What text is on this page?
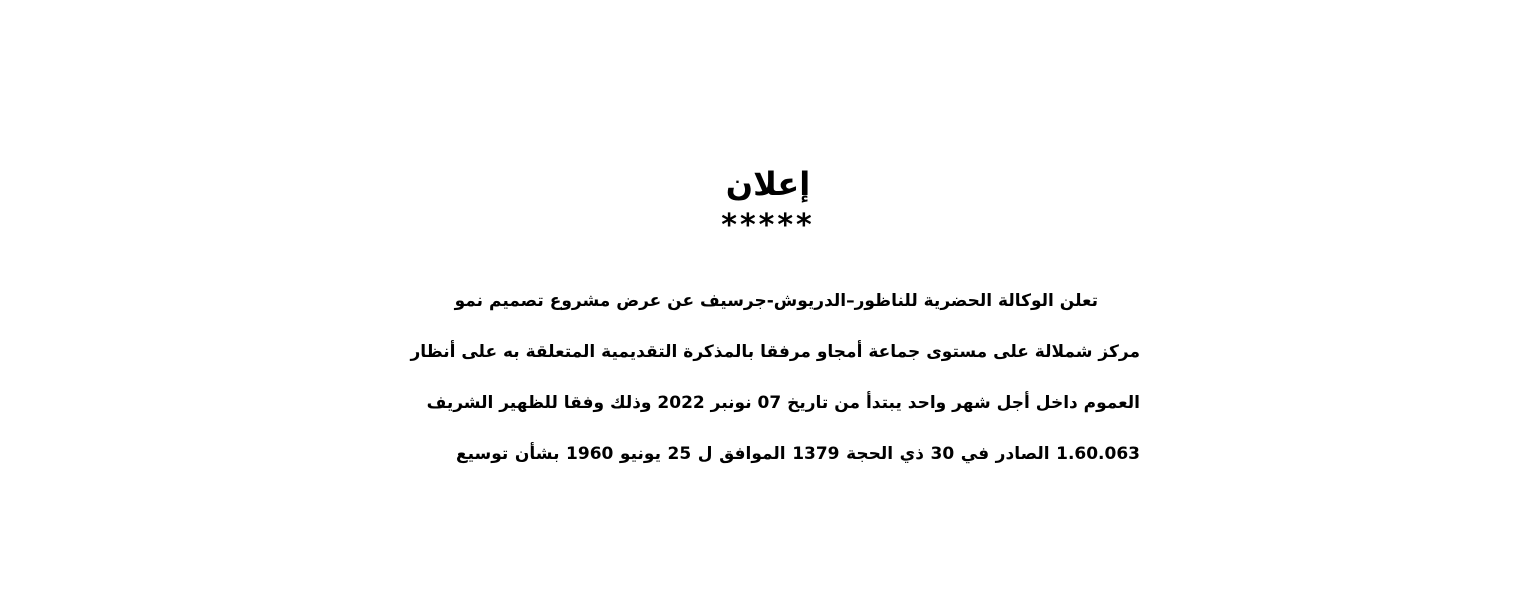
إعلان
*****
تعلن الوكالة الحضرية للناظور–الدريوش-جرسيف عن عرض مشروع تصميم نمو
مركز شملالة على مستوى جماعة أمجاو مرفقا بالمذكرة التقديمية المتعلقة به على أنظار
العموم داخل أجل شهر واحد يبتدأ من تاريخ 07 نونبر 2022 وذلك وفقا للظهير الشريف
1.60.063 الصادر في 30 ذي الحجة 1379 الموافق ل 25 يونيو 1960 بشأن توسيع
